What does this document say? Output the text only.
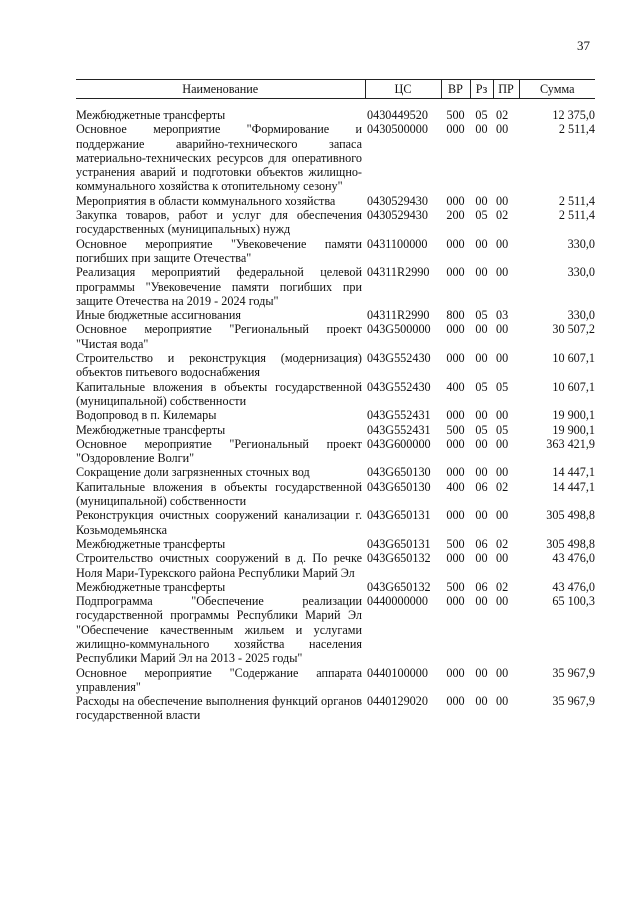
37
Наименование	ЦС	ВР	Рз	ПР	Сумма

Межбюджетные трансферты	0430449520	500	05	02	12 375,0
Основное мероприятие "Формирование и поддержание аварийно-технического запаса материально-технических ресурсов для оперативного устранения аварий и подготовки объектов жилищно-коммунального хозяйства к отопительному сезону"	0430500000	000	00	00	2 511,4
Мероприятия в области коммунального хозяйства	0430529430	000	00	00	2 511,4
Закупка товаров, работ и услуг для обеспечения государственных (муниципальных) нужд	0430529430	200	05	02	2 511,4
Основное мероприятие "Увековечение памяти погибших при защите Отечества"	0431100000	000	00	00	330,0
Реализация мероприятий федеральной целевой программы "Увековечение памяти погибших при защите Отечества на 2019 - 2024 годы"	04311R2990	000	00	00	330,0
Иные бюджетные ассигнования	04311R2990	800	05	03	330,0
Основное мероприятие "Региональный проект "Чистая вода"	043G500000	000	00	00	30 507,2
Строительство и реконструкция (модернизация) объектов питьевого водоснабжения	043G552430	000	00	00	10 607,1
Капитальные вложения в объекты государственной (муниципальной) собственности	043G552430	400	05	05	10 607,1
Водопровод в п. Килемары	043G552431	000	00	00	19 900,1
Межбюджетные трансферты	043G552431	500	05	05	19 900,1
Основное мероприятие "Региональный проект "Оздоровление Волги"	043G600000	000	00	00	363 421,9
Сокращение доли загрязненных сточных вод	043G650130	000	00	00	14 447,1
Капитальные вложения в объекты государственной (муниципальной) собственности	043G650130	400	06	02	14 447,1
Реконструкция очистных сооружений канализации г. Козьмодемьянска	043G650131	000	00	00	305 498,8
Межбюджетные трансферты	043G650131	500	06	02	305 498,8
Строительство очистных сооружений в д. По речке Ноля Мари-Турекского района Республики Марий Эл	043G650132	000	00	00	43 476,0
Межбюджетные трансферты	043G650132	500	06	02	43 476,0
Подпрограмма "Обеспечение реализации государственной программы Республики Марий Эл "Обеспечение качественным жильем и услугами жилищно-коммунального хозяйства населения Республики Марий Эл на 2013 - 2025 годы"	0440000000	000	00	00	65 100,3
Основное мероприятие "Содержание аппарата управления"	0440100000	000	00	00	35 967,9
Расходы на обеспечение выполнения функций органов государственной власти	0440129020	000	00	00	35 967,9
